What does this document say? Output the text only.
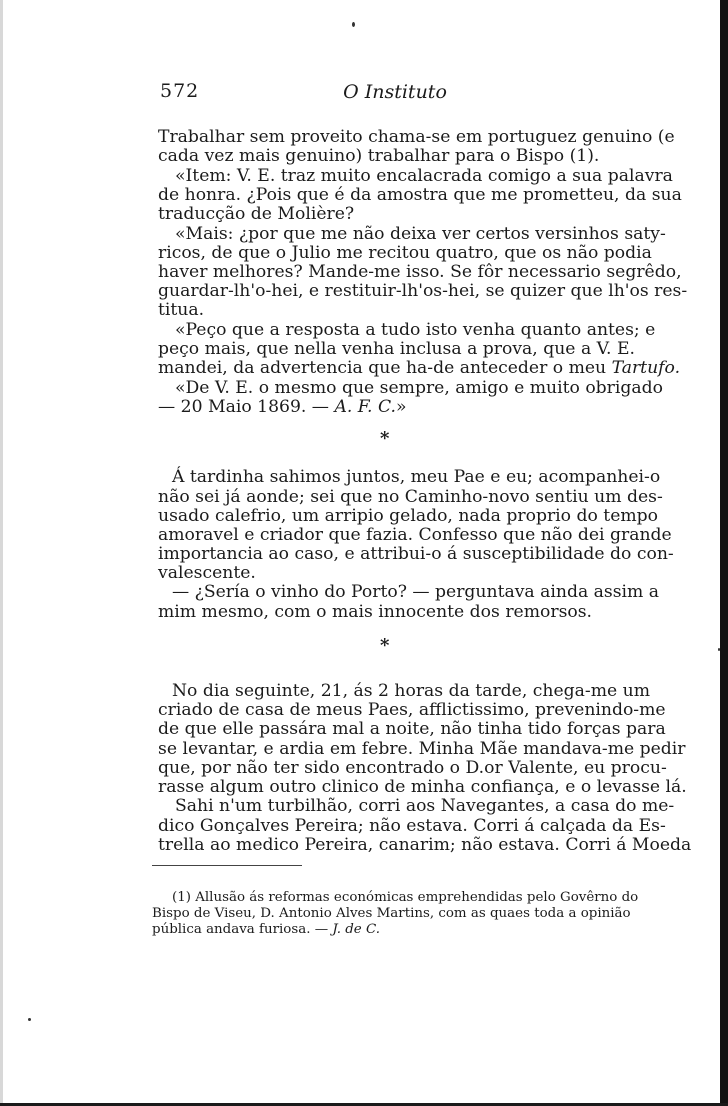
572	O Instituto
Trabalhar sem proveito chama-se em portuguez genuino (e
cada vez mais genuino) trabalhar para o Bispo (1).
«Item: V. E. traz muito encalacrada comigo a sua palavra
de honra. ¿Pois que é da amostra que me prometteu, da sua
traducção de Molière?
«Mais: ¿por que me não deixa ver certos versinhos saty-
ricos, de que o Julio me recitou quatro, que os não podia
haver melhores? Mande-me isso. Se fôr necessario segrêdo,
guardar-lh'o-hei, e restituir-lh'os-hei, se quizer que lh'os res-
titua.
«Peço que a resposta a tudo isto venha quanto antes; e
peço mais, que nella venha inclusa a prova, que a V. E.
mandei, da advertencia que ha-de anteceder o meu Tartufo.
«De V. E. o mesmo que sempre, amigo e muito obrigado
— 20 Maio 1869. — A. F. C.»
*
Á tardinha sahimos juntos, meu Pae e eu; acompanhei-o
não sei já aonde; sei que no Caminho-novo sentiu um des-
usado calefrio, um arripio gelado, nada proprio do tempo
amoravel e criador que fazia. Confesso que não dei grande
importancia ao caso, e attribui-o á susceptibilidade do con-
valescente.
— ¿Sería o vinho do Porto? — perguntava ainda assim a
mim mesmo, com o mais innocente dos remorsos.
*
No dia seguinte, 21, ás 2 horas da tarde, chega-me um
criado de casa de meus Paes, afflictissimo, prevenindo-me
de que elle passára mal a noite, não tinha tido forças para
se levantar, e ardia em febre. Minha Mãe mandava-me pedir
que, por não ter sido encontrado o D.or Valente, eu procu-
rasse algum outro clinico de minha confiança, e o levasse lá.
Sahi n'um turbilhão, corri aos Navegantes, a casa do me-
dico Gonçalves Pereira; não estava. Corri á calçada da Es-
trella ao medico Pereira, canarim; não estava. Corri á Moeda
(1) Allusão ás reformas económicas emprehendidas pelo Govêrno do
Bispo de Viseu, D. Antonio Alves Martins, com as quaes toda a opinião
pública andava furiosa. — J. de C.
